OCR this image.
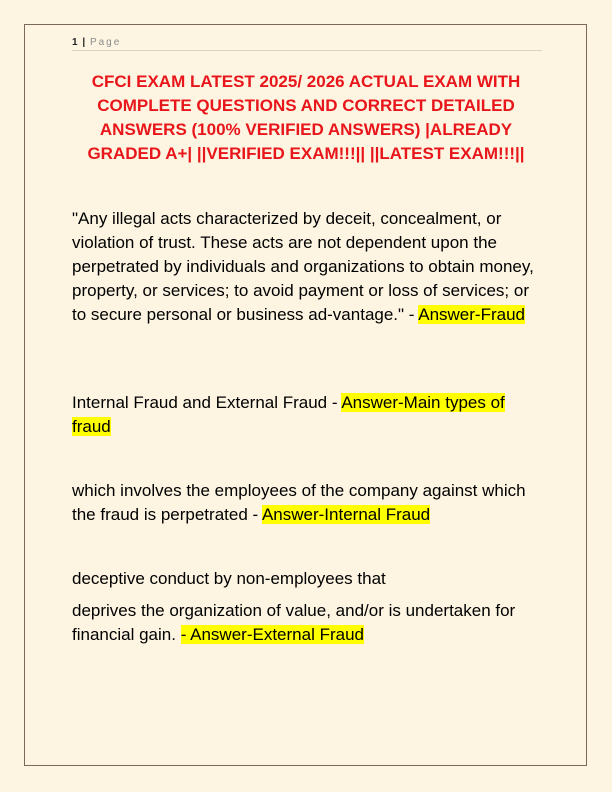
1 | Page
CFCI EXAM LATEST 2025/ 2026 ACTUAL EXAM WITH COMPLETE QUESTIONS AND CORRECT DETAILED ANSWERS (100% VERIFIED ANSWERS) |ALREADY GRADED A+| ||VERIFIED EXAM!!!|| ||LATEST EXAM!!!||
"Any illegal acts characterized by deceit, concealment, or violation of trust. These acts are not dependent upon the perpetrated by individuals and organizations to obtain money, property, or services; to avoid payment or loss of services; or to secure personal or business ad-vantage." - Answer-Fraud
Internal Fraud and External Fraud - Answer-Main types of fraud
which involves the employees of the company against which the fraud is perpetrated - Answer-Internal Fraud
deceptive conduct by non-employees that
deprives the organization of value, and/or is undertaken for financial gain. - Answer-External Fraud
